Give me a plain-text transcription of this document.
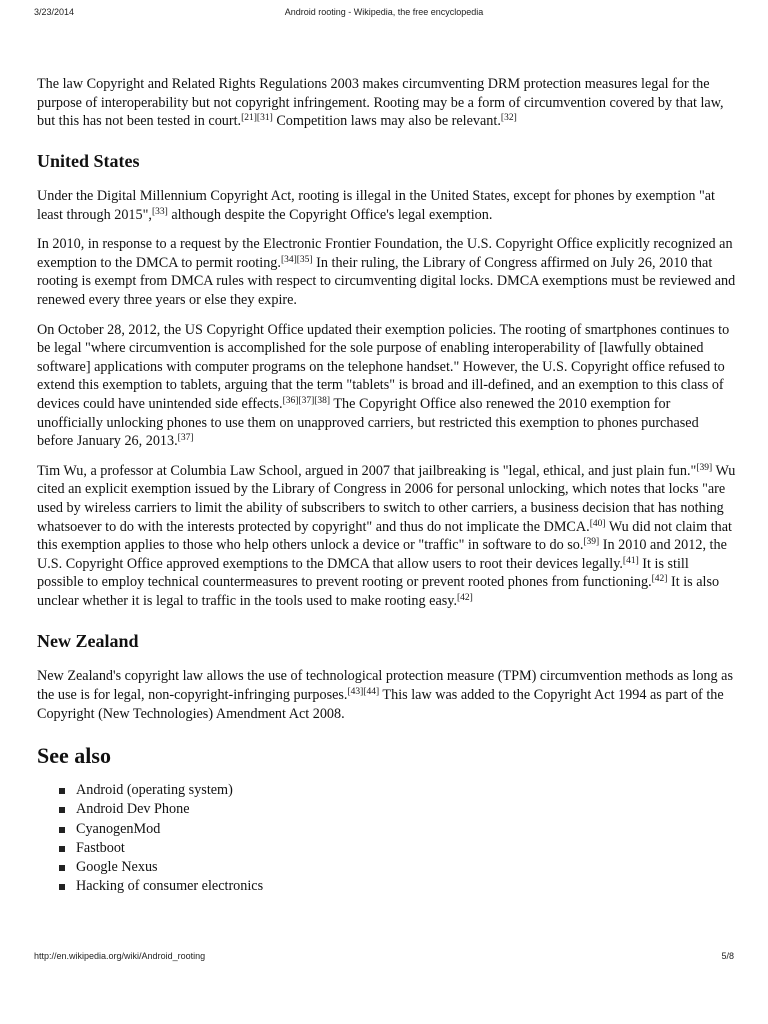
3/23/2014	Android rooting - Wikipedia, the free encyclopedia

The law Copyright and Related Rights Regulations 2003 makes circumventing DRM protection measures legal for the purpose of interoperability but not copyright infringement. Rooting may be a form of circumvention covered by that law, but this has not been tested in court.[21][31] Competition laws may also be relevant.[32]

United States

Under the Digital Millennium Copyright Act, rooting is illegal in the United States, except for phones by exemption "at least through 2015",[33] although despite the Copyright Office's legal exemption.

In 2010, in response to a request by the Electronic Frontier Foundation, the U.S. Copyright Office explicitly recognized an exemption to the DMCA to permit rooting.[34][35] In their ruling, the Library of Congress affirmed on July 26, 2010 that rooting is exempt from DMCA rules with respect to circumventing digital locks. DMCA exemptions must be reviewed and renewed every three years or else they expire.

On October 28, 2012, the US Copyright Office updated their exemption policies. The rooting of smartphones continues to be legal "where circumvention is accomplished for the sole purpose of enabling interoperability of [lawfully obtained software] applications with computer programs on the telephone handset." However, the U.S. Copyright office refused to extend this exemption to tablets, arguing that the term "tablets" is broad and ill-defined, and an exemption to this class of devices could have unintended side effects.[36][37][38] The Copyright Office also renewed the 2010 exemption for unofficially unlocking phones to use them on unapproved carriers, but restricted this exemption to phones purchased before January 26, 2013.[37]

Tim Wu, a professor at Columbia Law School, argued in 2007 that jailbreaking is "legal, ethical, and just plain fun."[39] Wu cited an explicit exemption issued by the Library of Congress in 2006 for personal unlocking, which notes that locks "are used by wireless carriers to limit the ability of subscribers to switch to other carriers, a business decision that has nothing whatsoever to do with the interests protected by copyright" and thus do not implicate the DMCA.[40] Wu did not claim that this exemption applies to those who help others unlock a device or "traffic" in software to do so.[39] In 2010 and 2012, the U.S. Copyright Office approved exemptions to the DMCA that allow users to root their devices legally.[41] It is still possible to employ technical countermeasures to prevent rooting or prevent rooted phones from functioning.[42] It is also unclear whether it is legal to traffic in the tools used to make rooting easy.[42]

New Zealand

New Zealand's copyright law allows the use of technological protection measure (TPM) circumvention methods as long as the use is for legal, non-copyright-infringing purposes.[43][44] This law was added to the Copyright Act 1994 as part of the Copyright (New Technologies) Amendment Act 2008.

See also
Android (operating system)
Android Dev Phone
CyanogenMod
Fastboot
Google Nexus
Hacking of consumer electronics
http://en.wikipedia.org/wiki/Android_rooting	5/8
